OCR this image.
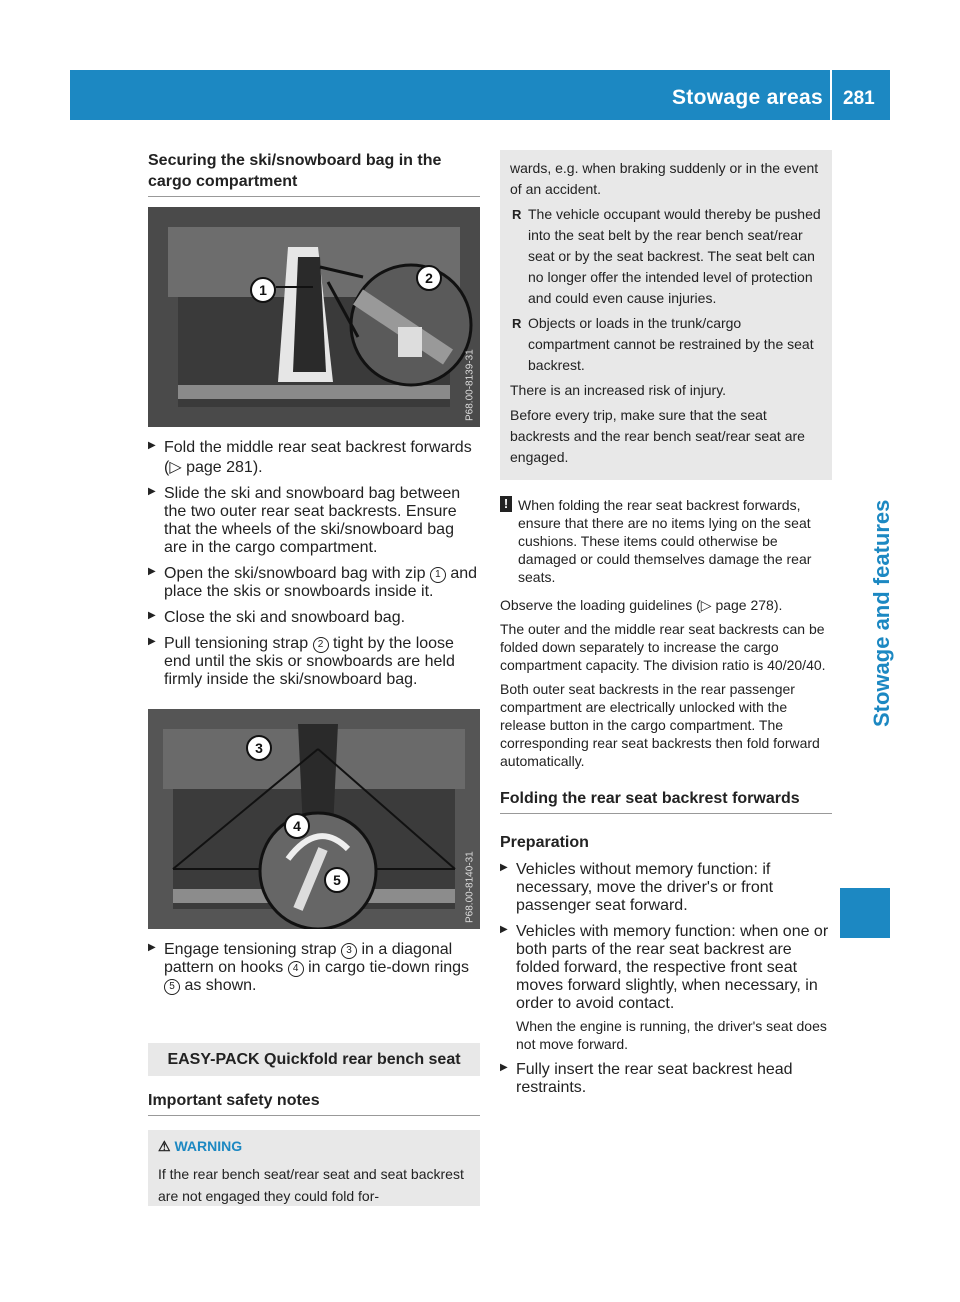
Stowage areas 281
Stowage and features
Securing the ski/snowboard bag in the cargo compartment
1
2
P68.00-8139-31
▶ Fold the middle rear seat backrest forwards (▷ page 281).
▶ Slide the ski and snowboard bag between the two outer rear seat backrests. Ensure that the wheels of the ski/snowboard bag are in the cargo compartment.
▶ Open the ski/snowboard bag with zip 1 and place the skis or snowboards inside it.
▶ Close the ski and snowboard bag.
▶ Pull tensioning strap 2 tight by the loose end until the skis or snowboards are held firmly inside the ski/snowboard bag.
3
4
5	P68.00-8140-31
▶ Engage tensioning strap 3 in a diagonal pattern on hooks 4 in cargo tie-down rings 5 as shown.
EASY-PACK Quickfold rear bench seat
Important safety notes
⚠ WARNING

If the rear bench seat/rear seat and seat backrest are not engaged they could fold for-

wards, e.g. when braking suddenly or in the event of an accident.

R The vehicle occupant would thereby be pushed into the seat belt by the rear bench seat/rear seat or by the seat backrest. The seat belt can no longer offer the intended level of protection and could even cause injuries.
R Objects or loads in the trunk/cargo compartment cannot be restrained by the seat backrest.

There is an increased risk of injury.

Before every trip, make sure that the seat backrests and the rear bench seat/rear seat are engaged.

! When folding the rear seat backrest forwards, ensure that there are no items lying on the seat cushions. These items could otherwise be damaged or could themselves damage the rear seats.

Observe the loading guidelines (▷ page 278).

The outer and the middle rear seat backrests can be folded down separately to increase the cargo compartment capacity. The division ratio is 40/20/40.

Both outer seat backrests in the rear passenger compartment are electrically unlocked with the release button in the cargo compartment. The corresponding rear seat backrests then fold forward automatically.

Folding the rear seat backrest forwards
Preparation
▶ Vehicles without memory function: if necessary, move the driver's or front passenger seat forward.
▶ Vehicles with memory function: when one or both parts of the rear seat backrest are folded forward, the respective front seat moves forward slightly, when necessary, in order to avoid contact.

When the engine is running, the driver's seat does not move forward.

▶ Fully insert the rear seat backrest head restraints.
